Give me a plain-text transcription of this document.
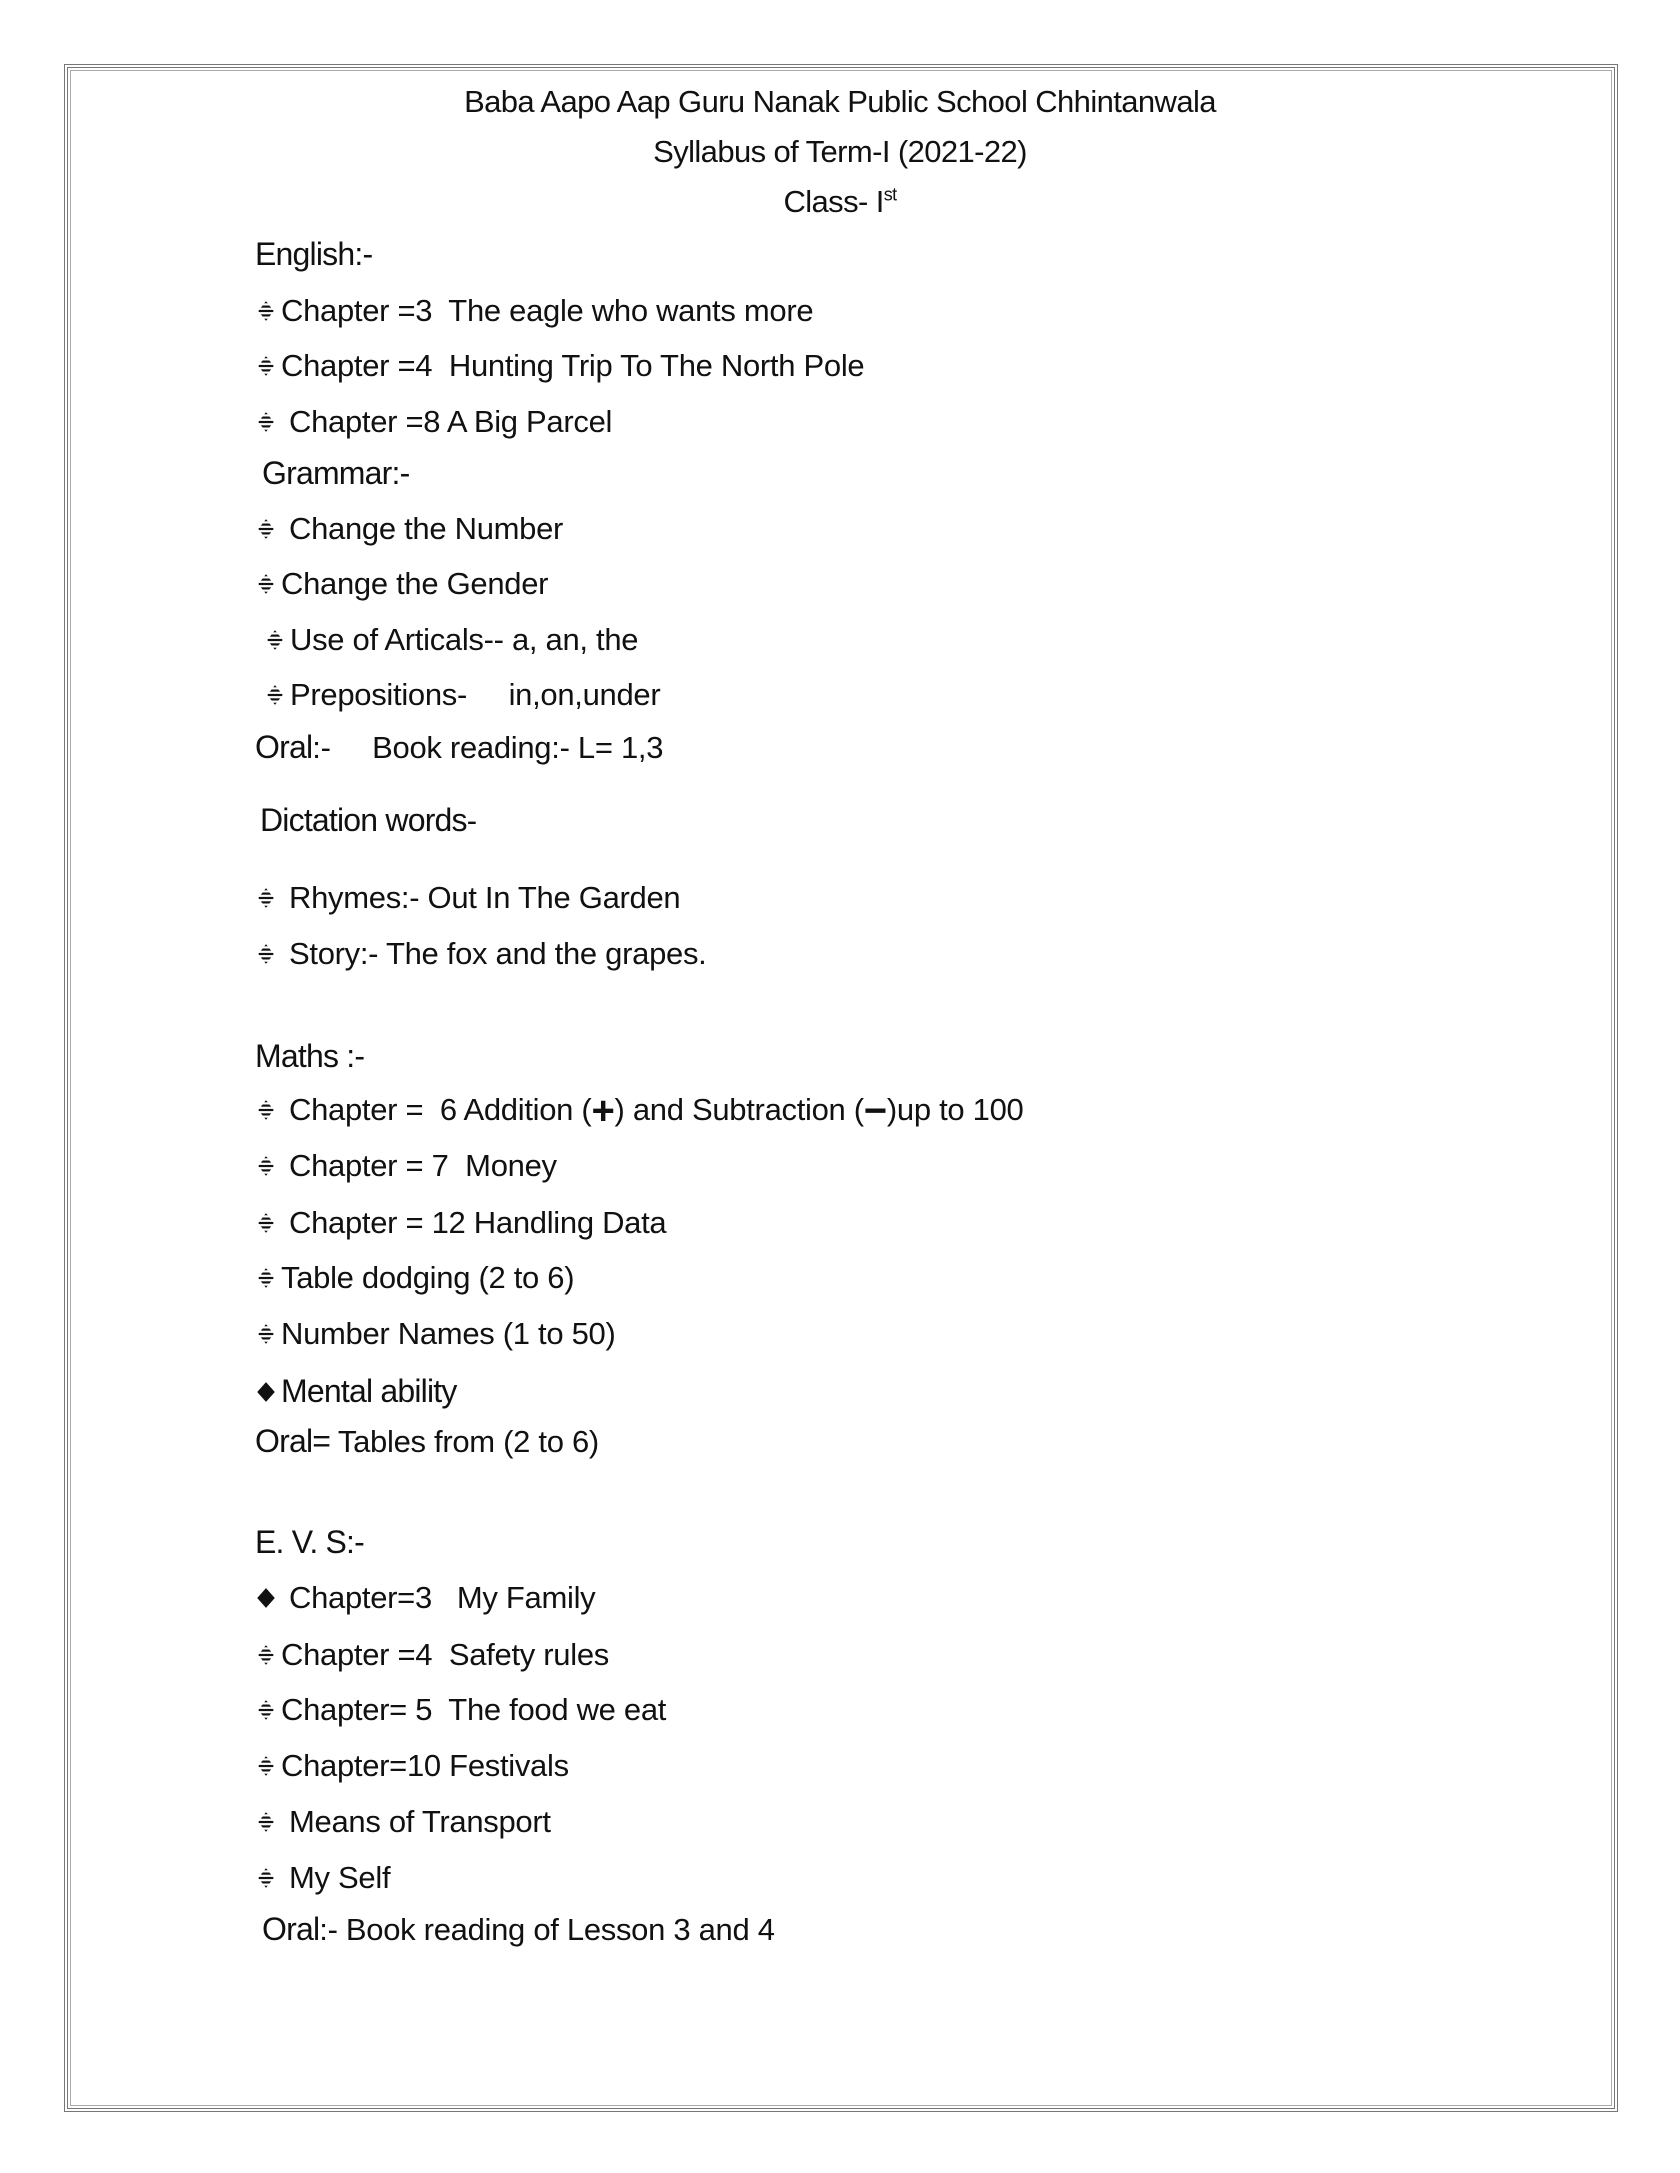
Baba Aapo Aap Guru Nanak Public School Chhintanwala
Syllabus of Term-I (2021-22)
Class- Ist
English:-
Chapter =3  The eagle who wants more
Chapter =4  Hunting Trip To The North Pole
Chapter =8 A Big Parcel
Grammar:-
Change the Number
Change the Gender
Use of Articals-- a, an, the
Prepositions-     in,on,under
Oral:-     Book reading:- L= 1,3
Dictation words-
Rhymes:- Out In The Garden
Story:- The fox and the grapes.
Maths :-
Chapter =  6 Addition (+) and Subtraction (−)up to 100
Chapter = 7  Money
Chapter = 12 Handling Data
Table dodging (2 to 6)
Number Names (1 to 50)
Mental ability
Oral= Tables from (2 to 6)
E. V. S:-
Chapter=3   My Family
Chapter =4  Safety rules
Chapter= 5  The food we eat
Chapter=10 Festivals
Means of Transport
My Self
Oral:- Book reading of Lesson 3 and 4
